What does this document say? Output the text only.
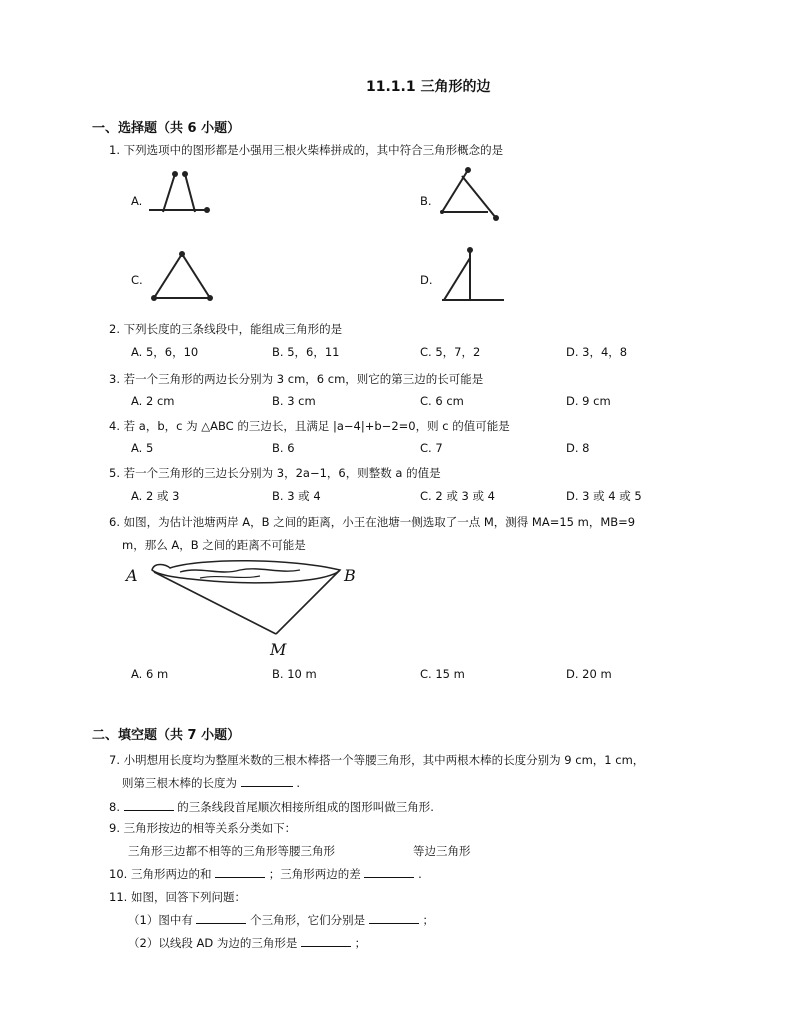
11.1.1 三角形的边
一、选择题（共 6 小题）
1. 下列选项中的图形都是小强用三根火柴棒拼成的，其中符合三角形概念的是
A.	B.
C.	D.
2. 下列长度的三条线段中，能组成三角形的是
A. 5，6，10	B. 5，6，11	C. 5，7，2	D. 3，4，8
3. 若一个三角形的两边长分别为 3 cm，6 cm，则它的第三边的长可能是
A. 2 cm	B. 3 cm	C. 6 cm	D. 9 cm
4. 若 a，b，c 为 △ABC 的三边长，且满足 |a−4|+b−2=0，则 c 的值可能是
A. 5	B. 6	C. 7	D. 8
5. 若一个三角形的三边长分别为 3，2a−1，6，则整数 a 的值是
A. 2 或 3	B. 3 或 4	C. 2 或 3 或 4	D. 3 或 4 或 5
6. 如图，为估计池塘两岸 A，B 之间的距离，小王在池塘一侧选取了一点 M，测得 MA=15 m，MB=9
m，那么 A，B 之间的距离不可能是
A	B
M
A. 6 m	B. 10 m	C. 15 m	D. 20 m
二、填空题（共 7 小题）
7. 小明想用长度均为整厘米数的三根木棒搭一个等腰三角形，其中两根木棒的长度分别为 9 cm，1 cm，
则第三根木棒的长度为	.
8.	的三条线段首尾顺次相接所组成的图形叫做三角形.
9. 三角形按边的相等关系分类如下：
三角形三边都不相等的三角形等腰三角形	等边三角形
10. 三角形两边的和	；三角形两边的差	.
11. 如图，回答下列问题：
（1）图中有	个三角形，它们分别是	；
（2）以线段 AD 为边的三角形是	；
